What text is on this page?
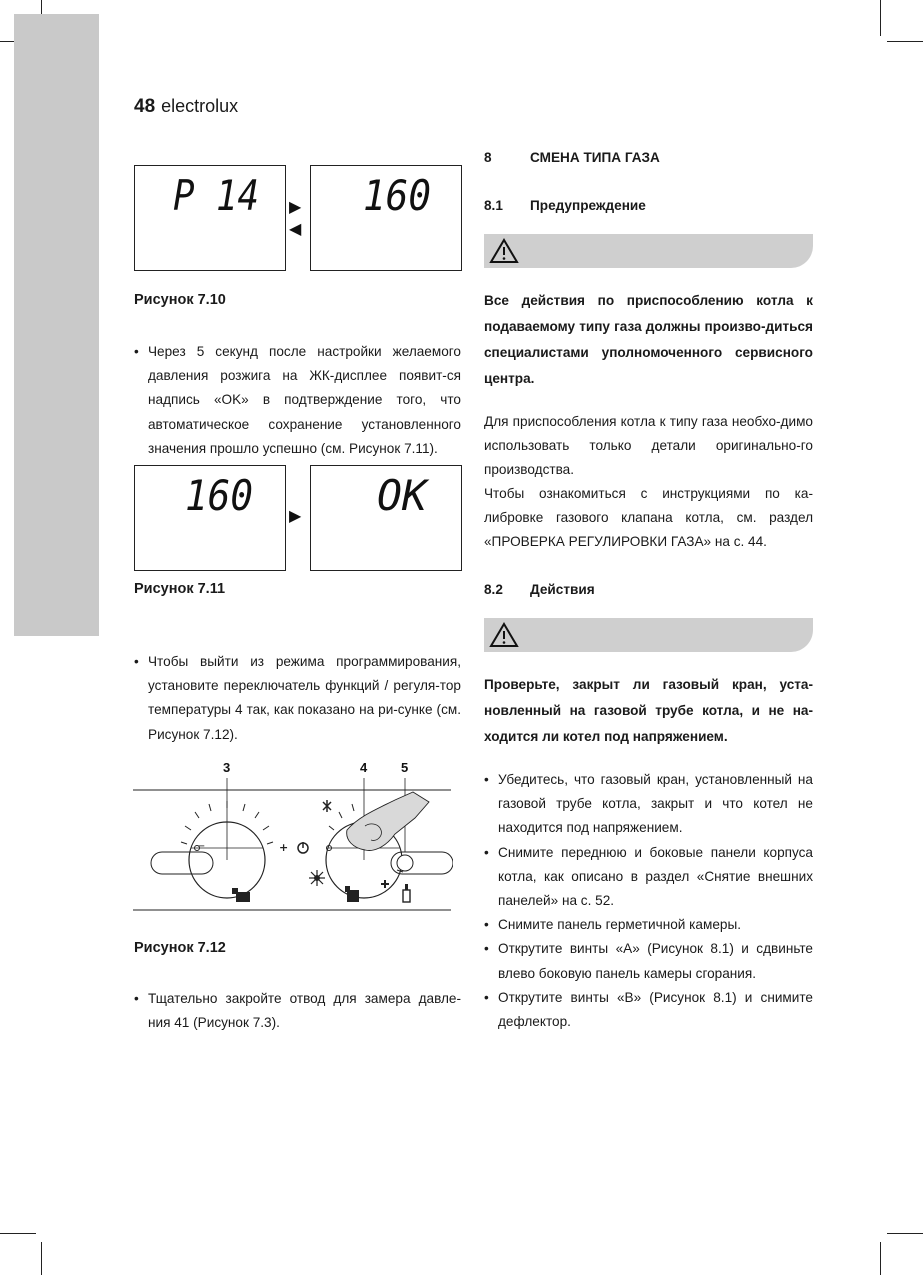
48 electrolux
P 14 ▶
◀
160
Рисунок 7.10
• Через 5 секунд после настройки желаемого давления розжига на ЖК-дисплее появит-ся надпись «OK» в подтверждение того, что автоматическое сохранение установленного значения прошло успешно (см. Рисунок 7.11).
160 ▶ OK
Рисунок 7.11
• Чтобы выйти из режима программирования, установите переключатель функций / регуля-тор температуры 4 так, как показано на ри-сунке (см. Рисунок 7.12).
3	4	5
−	+
Рисунок 7.12
• Тщательно закройте отвод для замера давле-ния 41 (Рисунок 7.3).
8	СМЕНА ТИПА ГАЗА
8.1 Предупреждение
Все действия по приспособлению котла к подаваемому типу газа должны произво-диться специалистами уполномоченного сервисного центра.
Для приспособления котла к типу газа необхо-димо использовать только детали оригинально-го производства.
Чтобы ознакомиться с инструкциями по ка-либровке газового клапана котла, см. раздел «ПРОВЕРКА РЕГУЛИРОВКИ ГАЗА» на с. 44.
8.2 Действия
Проверьте, закрыт ли газовый кран, уста-новленный на газовой трубе котла, и не на-ходится ли котел под напряжением.
• Убедитесь, что газовый кран, установленный на газовой трубе котла, закрыт и что котел не находится под напряжением.
• Снимите переднюю и боковые панели корпуса котла, как описано в раздел «Снятие внешних панелей» на с. 52.
• Снимите панель герметичной камеры.
• Открутите винты «А» (Рисунок 8.1) и сдвиньте влево боковую панель камеры сгорания.
• Открутите винты «В» (Рисунок 8.1) и снимите дефлектор.
